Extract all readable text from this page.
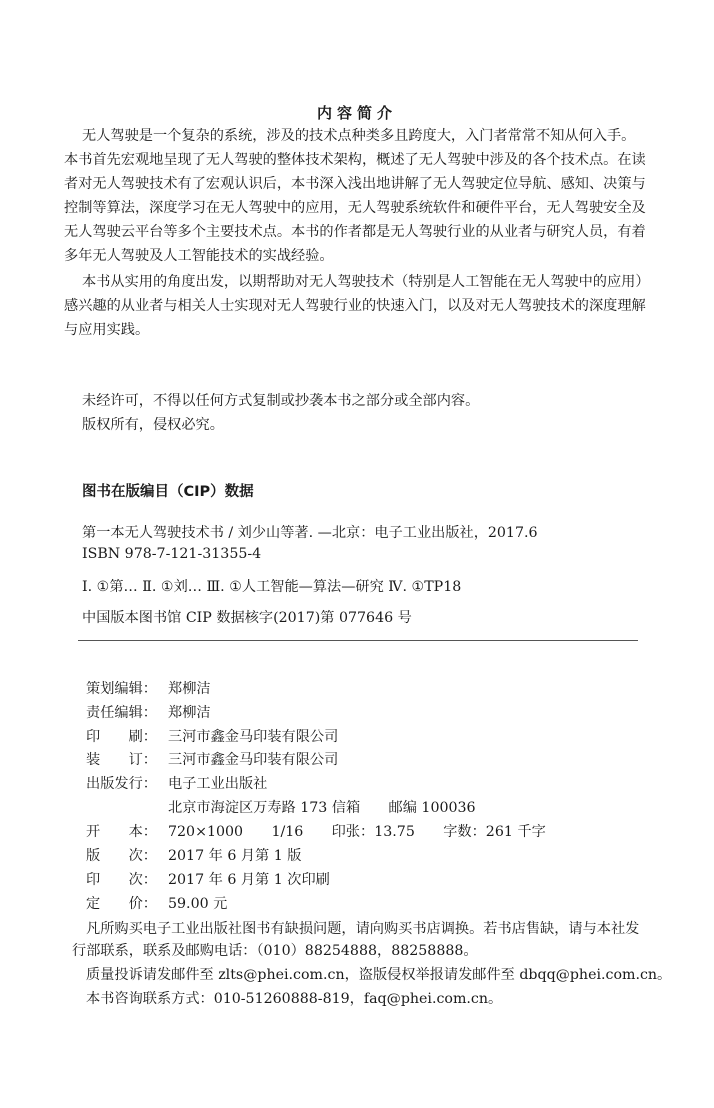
内容简介

无人驾驶是一个复杂的系统，涉及的技术点种类多且跨度大，入门者常常不知从何入手。

本书首先宏观地呈现了无人驾驶的整体技术架构，概述了无人驾驶中涉及的各个技术点。在读

者对无人驾驶技术有了宏观认识后，本书深入浅出地讲解了无人驾驶定位导航、感知、决策与

控制等算法，深度学习在无人驾驶中的应用，无人驾驶系统软件和硬件平台，无人驾驶安全及

无人驾驶云平台等多个主要技术点。本书的作者都是无人驾驶行业的从业者与研究人员，有着

多年无人驾驶及人工智能技术的实战经验。

本书从实用的角度出发，以期帮助对无人驾驶技术（特别是人工智能在无人驾驶中的应用）

感兴趣的从业者与相关人士实现对无人驾驶行业的快速入门，以及对无人驾驶技术的深度理解

与应用实践。

未经许可，不得以任何方式复制或抄袭本书之部分或全部内容。
版权所有，侵权必究。
图书在版编目（CIP）数据
第一本无人驾驶技术书 / 刘少山等著. —北京：电子工业出版社，2017.6
ISBN 978-7-121-31355-4
Ⅰ. ①第… Ⅱ. ①刘… Ⅲ. ①人工智能—算法—研究 Ⅳ. ①TP18
中国版本图书馆 CIP 数据核字(2017)第 077646 号
策划编辑： 郑柳洁
责任编辑： 郑柳洁
印　　刷： 三河市鑫金马印装有限公司
装　　订： 三河市鑫金马印装有限公司
出版发行： 电子工业出版社
北京市海淀区万寿路 173 信箱　　邮编 100036
开　　本： 720×1000　　1/16　　印张：13.75　　字数：261 千字
版　　次： 2017 年 6 月第 1 版
印　　次： 2017 年 6 月第 1 次印刷
定　　价： 59.00 元

凡所购买电子工业出版社图书有缺损问题，请向购买书店调换。若书店售缺，请与本社发

行部联系，联系及邮购电话：（010）88254888，88258888。

质量投诉请发邮件至 zlts@phei.com.cn，盗版侵权举报请发邮件至 dbqq@phei.com.cn。

本书咨询联系方式：010-51260888-819，faq@phei.com.cn。
